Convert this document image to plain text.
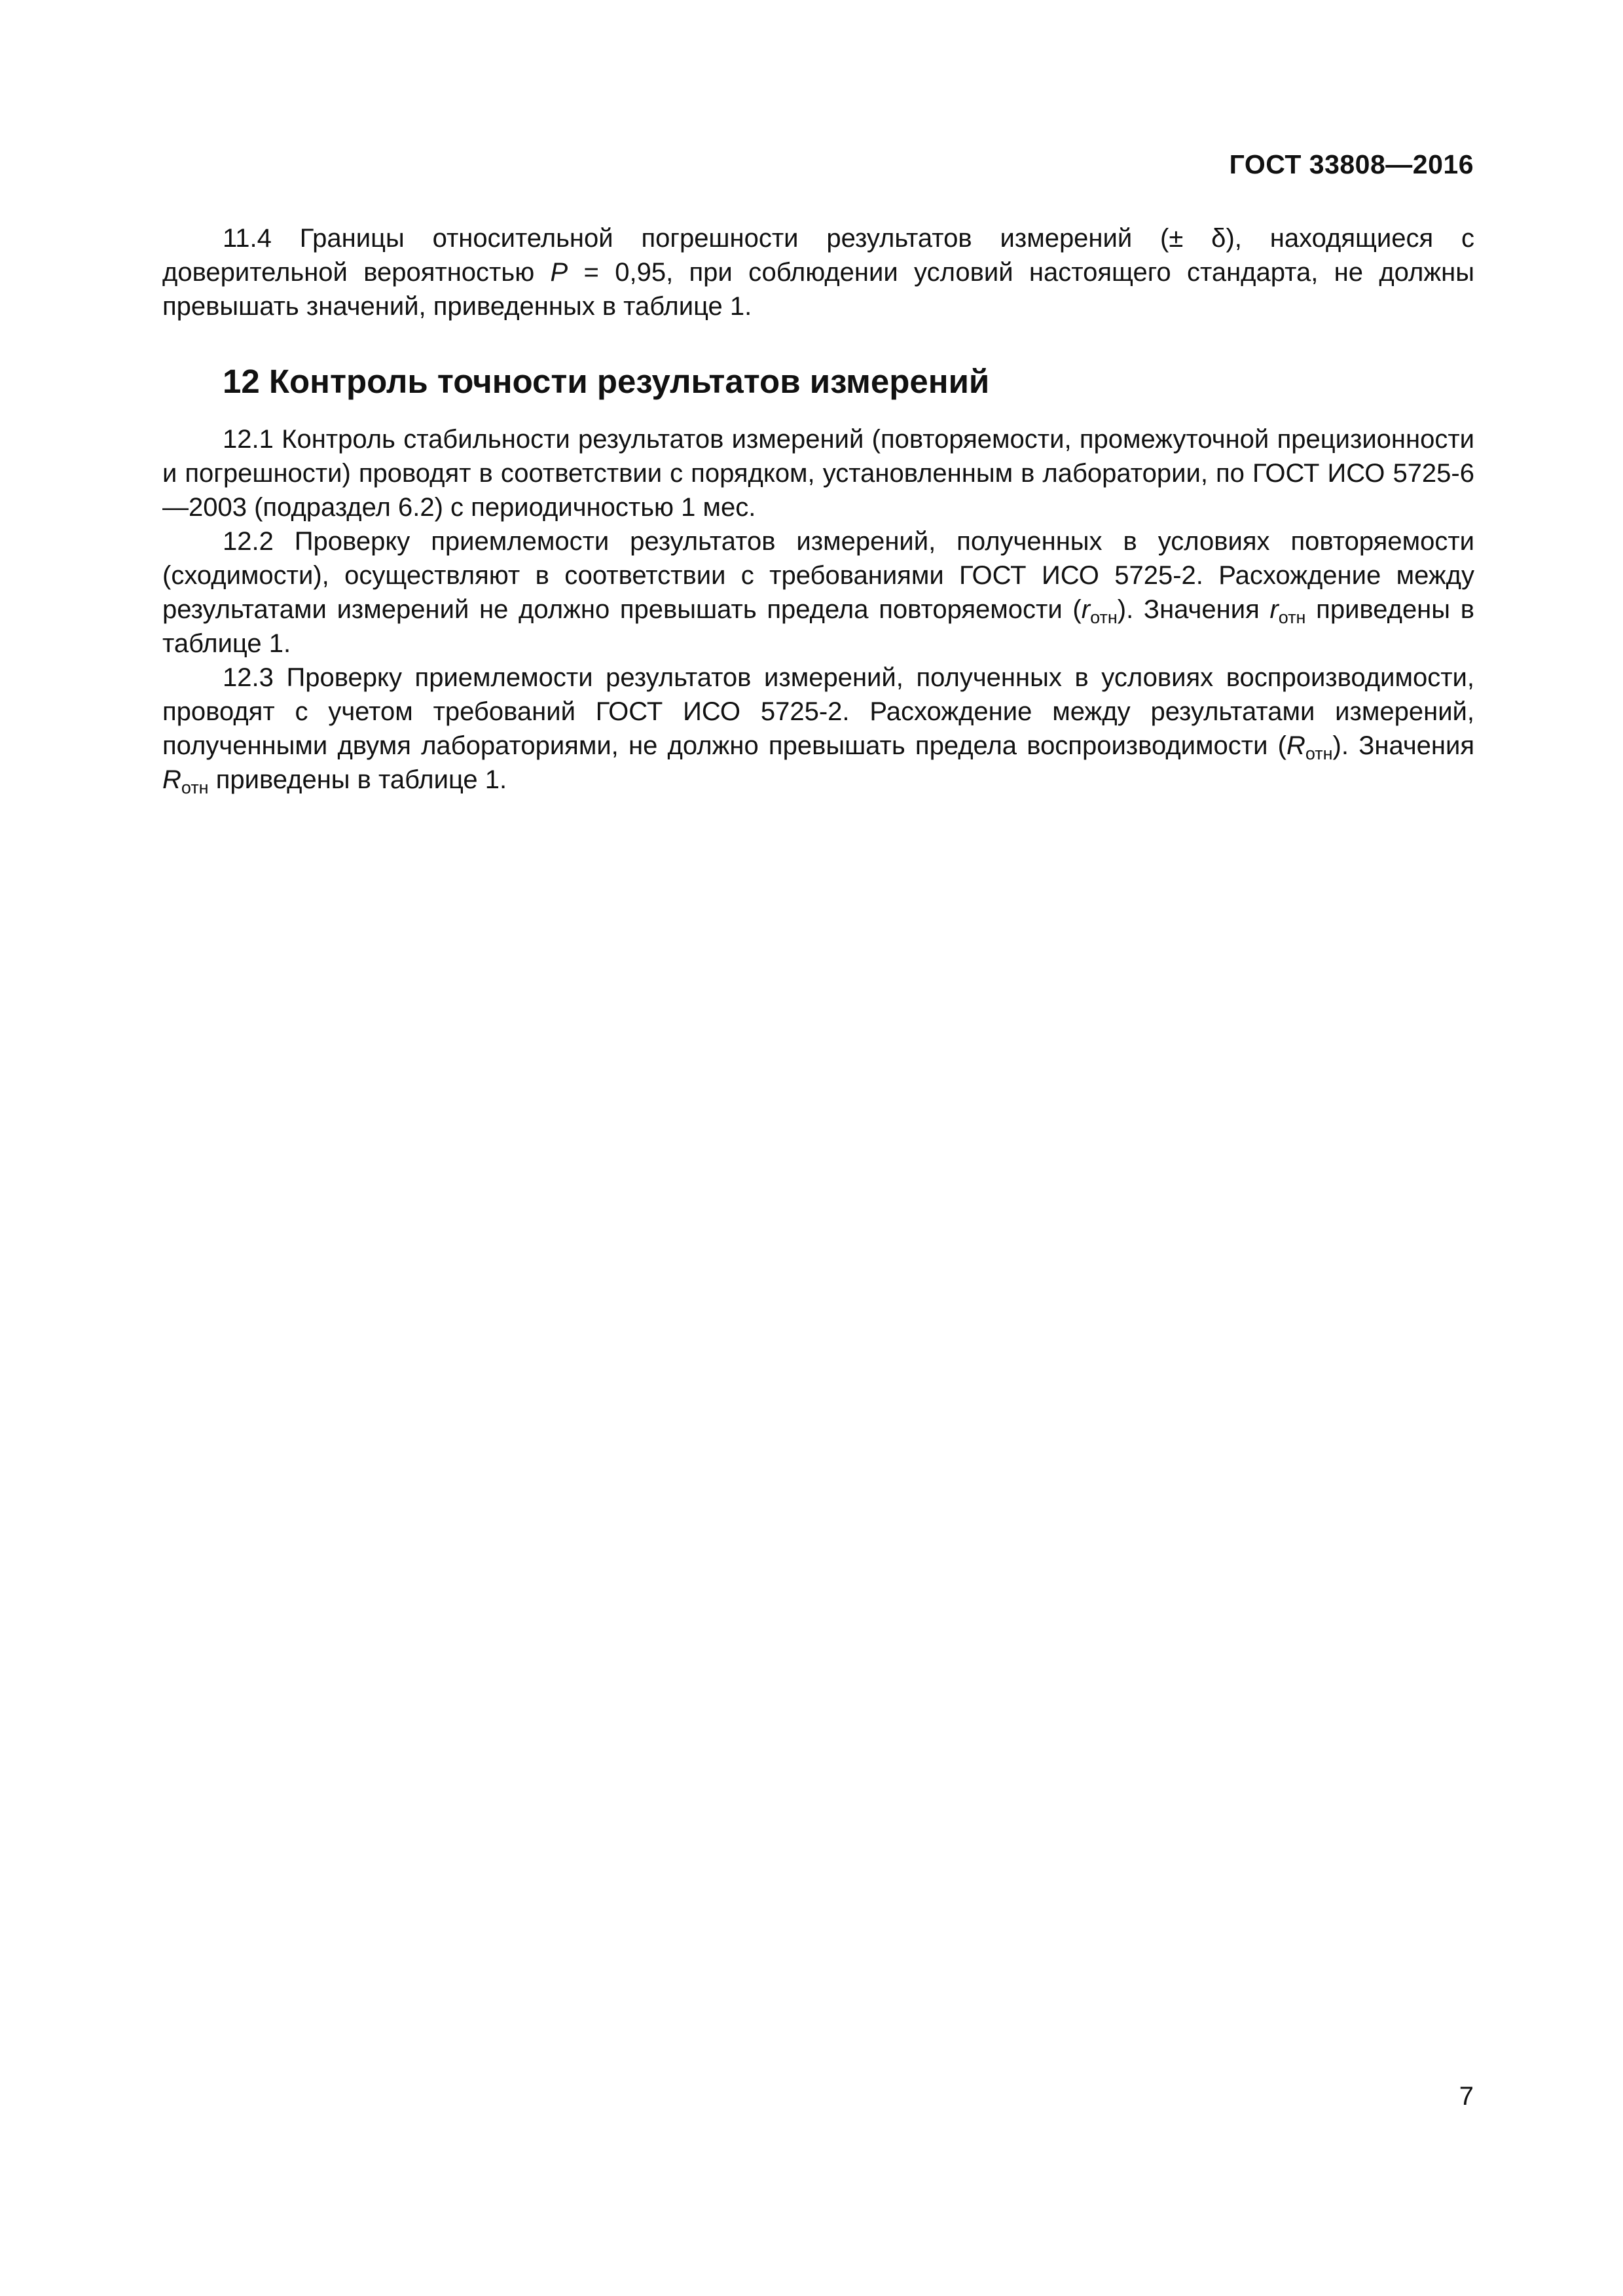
ГОСТ 33808—2016

11.4 Границы относительной погрешности результатов измерений (± δ), находящиеся с доверительной вероятностью P = 0,95, при соблюдении условий настоящего стандарта, не должны превышать значений, приведенных в таблице 1.

12 Контроль точности результатов измерений

12.1 Контроль стабильности результатов измерений (повторяемости, промежуточной прецизионности и погрешности) проводят в соответствии с порядком, установленным в лаборатории, по ГОСТ ИСО 5725-6—2003 (подраздел 6.2) с периодичностью 1 мес.

12.2 Проверку приемлемости результатов измерений, полученных в условиях повторяемости (сходимости), осуществляют в соответствии с требованиями ГОСТ ИСО 5725-2. Расхождение между результатами измерений не должно превышать предела повторяемости $(r_{отн})$. Значения $r_{отн}$ приведены в таблице 1.

12.3 Проверку приемлемости результатов измерений, полученных в условиях воспроизводимости, проводят с учетом требований ГОСТ ИСО 5725-2. Расхождение между результатами измерений, полученными двумя лабораториями, не должно превышать предела воспроизводимости $(R_{отн})$. Значения $R_{отн}$ приведены в таблице 1.

7
